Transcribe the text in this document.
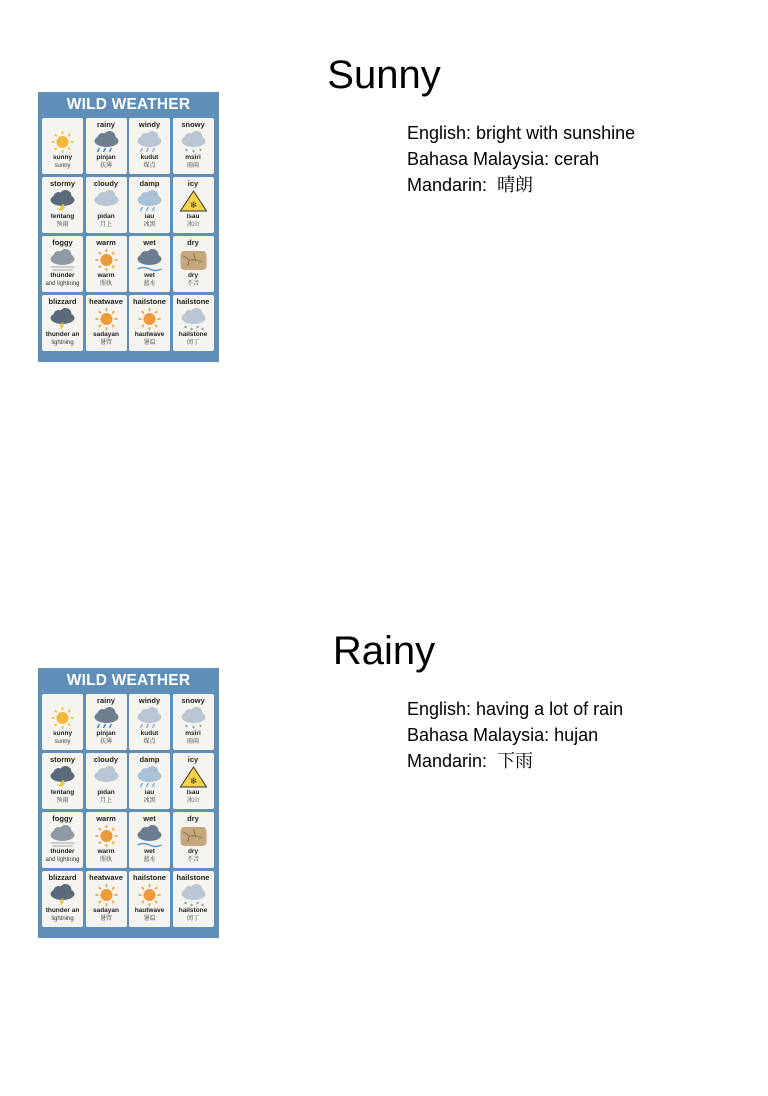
Sunny
WILD WEATHER
sunny
sunny
rainy
pinjan
扶薄
windy
kudut
煤点
snowy
msiri
雨雨
stormy
tentang
预雨
cloudy
pidan
月上
damp
iau
冰黑
icy
❄
isau
冰山
foggy
thunder
and lightning
warm
warm
照执
wet
wet
蓝水
dry
dry
不音
blizzard
thunder an
lightning
heatwave
sadayan
暑管
hailstone
hautwave
暑温
hailstone
hailstone
闰丁
English: bright with sunshine
Bahasa Malaysia: cerah
Mandarin: 晴朗
Rainy
WILD WEATHER
sunny
sunny
rainy
pinjan
扶薄
windy
kudut
煤点
snowy
msiri
雨雨
stormy
tentang
预雨
cloudy
pidan
月上
damp
iau
冰黑
icy
❄
isau
冰山
foggy
thunder
and lightning
warm
warm
照执
wet
wet
蓝水
dry
dry
不音
blizzard
thunder an
lightning
heatwave
sadayan
暑管
hailstone
hautwave
暑温
hailstone
hailstone
闰丁
English: having a lot of rain
Bahasa Malaysia: hujan
Mandarin: 下雨
